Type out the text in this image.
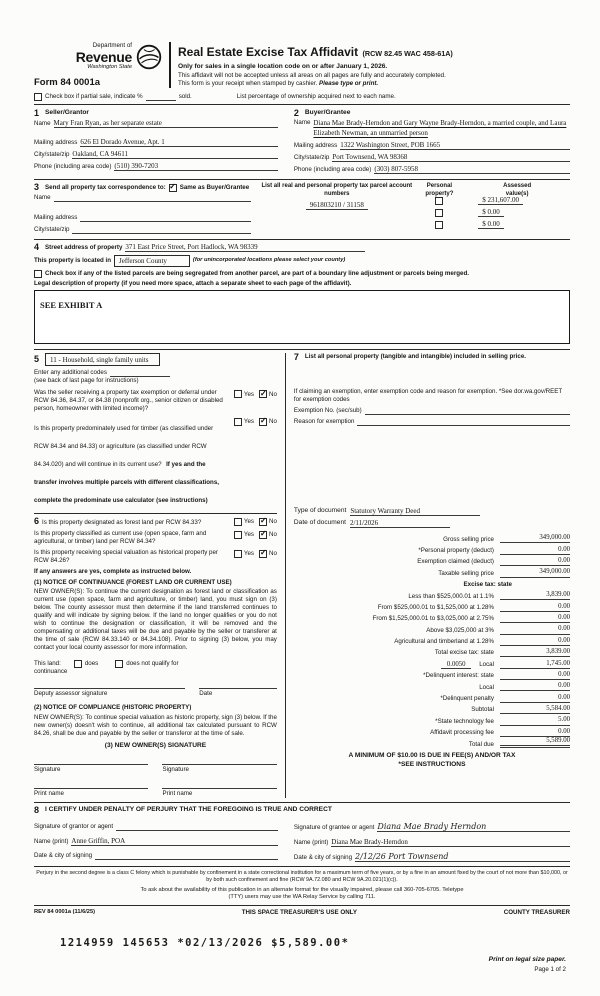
Department of
Revenue
Washington State
Form 84 0001a
Real Estate Excise Tax Affidavit (RCW 82.45 WAC 458-61A)
Only for sales in a single location code on or after January 1, 2026.
This affidavit will not be accepted unless all areas on all pages are fully and accurately completed.
This form is your receipt when stamped by cashier. Please type or print.
Check box if partial sale, indicate %	sold.	List percentage of ownership acquired next to each name.
1 Seller/Grantor
Name Mary Fran Ryan, as her separate estate
Mailing address 626 El Dorado Avenue, Apt. 1
City/state/zip Oakland, CA 94611
Phone (including area code) (510) 390-7203
2 Buyer/Grantee
Name Diana Mae Brady-Herndon and Gary Wayne Brady-Herndon, a married couple, and Laura Elizabeth Newman, an unmarried person
Mailing address 1322 Washington Street, POB 1665
City/state/zip Port Townsend, WA 98368
Phone (including area code) (303) 807-5958
3 Send all property tax correspondence to:
✓ Same as Buyer/Grantee
Name
Mailing address
City/state/zip
List all real and personal property tax parcel account numbers
961803210 / 31158
Personal
property?
Assessed
value(s)
$ 231,607.00
$ 0.00
$ 0.00
4 Street address of property 371 East Price Street, Port Hadlock, WA 98339
This property is located in	Jefferson County	(for unincorporated locations please select your county)
Check box if any of the listed parcels are being segregated from another parcel, are part of a boundary line adjustment or parcels being merged.
Legal description of property (if you need more space, attach a separate sheet to each page of the affidavit).
SEE EXHIBIT A
5	11 - Household, single family units
Enter any additional codes
(see back of last page for instructions)
Was the seller receiving a property tax exemption or deferral under RCW 84.36, 84.37, or 84.38 (nonprofit org., senior citizen or disabled person, homeowner with limited income)?
Yes ✓ No
Is this property predominately used for timber (as classified under RCW 84.34 and 84.33) or agriculture (as classified under RCW 84.34.020) and will continue in its current use? If yes and the transfer involves multiple parcels with different classifications, complete the predominate use calculator (see instructions)
Yes ✓ No
6 Is this property designated as forest land per RCW 84.33?	Yes ✓ No
Is this property classified as current use (open space, farm and agricultural, or timber) land per RCW 84.34?
Yes ✓ No
Is this property receiving special valuation as historical property per RCW 84.26?
Yes ✓ No
If any answers are yes, complete as instructed below.
(1) NOTICE OF CONTINUANCE (FOREST LAND OR CURRENT USE)
NEW OWNER(S): To continue the current designation as forest land or classification as current use (open space, farm and agriculture, or timber) land, you must sign on (3) below. The county assessor must then determine if the land transferred continues to qualify and will indicate by signing below. If the land no longer qualifies or you do not wish to continue the designation or classification, it will be removed and the compensating or additional taxes will be due and payable by the seller or transferer at the time of sale (RCW 84.33.140 or 84.34.108). Prior to signing (3) below, you may contact your local county assessor for more information.
This land:	does	does not qualify for
continuance
Deputy assessor signature	Date
(2) NOTICE OF COMPLIANCE (HISTORIC PROPERTY)
NEW OWNER(S): To continue special valuation as historic property, sign (3) below. If the new owner(s) doesn't wish to continue, all additional tax calculated pursuant to RCW 84.26, shall be due and payable by the seller or transferor at the time of sale.
(3) NEW OWNER(S) SIGNATURE
Signature	Signature
Print name	Print name
7 List all personal property (tangible and intangible) included in selling price.
If claiming an exemption, enter exemption code and reason for exemption. *See dor.wa.gov/REET for exemption codes
Exemption No. (sec/sub)
Reason for exemption
Type of document Statutory Warranty Deed
Date of document 2/11/2026
Gross selling price	349,000.00
*Personal property (deduct)	0.00
Exemption claimed (deduct)	0.00
Taxable selling price	349,000.00
Excise tax: state
Less than $525,000.01 at 1.1%	3,839.00
From $525,000.01 to $1,525,000 at 1.28%	0.00
From $1,525,000.01 to $3,025,000 at 2.75%	0.00
Above $3,025,000 at 3%	0.00
Agricultural and timberland at 1.28%	0.00
Total excise tax: state	3,839.00
0.0050	Local	1,745.00
*Delinquent interest: state	0.00
Local	0.00
*Delinquent penalty	0.00
Subtotal	5,584.00
*State technology fee	5.00
Affidavit processing fee	0.00
Total due	5,589.00
A MINIMUM OF $10.00 IS DUE IN FEE(S) AND/OR TAX
*SEE INSTRUCTIONS
8 I CERTIFY UNDER PENALTY OF PERJURY THAT THE FOREGOING IS TRUE AND CORRECT
Signature of grantor or agent
Name (print) Anne Griffin, POA
Date & city of signing
Signature of grantee or agent Diana Mae Brady Herndon
Name (print) Diana Mae Brady-Herndon
Date & city of signing 2/12/26 Port Townsend
Perjury in the second degree is a class C felony which is punishable by confinement in a state correctional institution for a maximum term of five years, or by a fine in an amount fixed by the court of not more than $10,000, or by both such confinement and fine (RCW 9A.72.080 and RCW 9A.20.021(1)(c)).
To ask about the availability of this publication in an alternate format for the visually impaired, please call 360-705-6705. Teletype
(TTY) users may use the WA Relay Service by calling 711.
REV 84 0001a (11/6/25)	THIS SPACE TREASURER'S USE ONLY	COUNTY TREASURER
1214959 145653 *02/13/2026 $5,589.00*
Print on legal size paper.
Page 1 of 2
